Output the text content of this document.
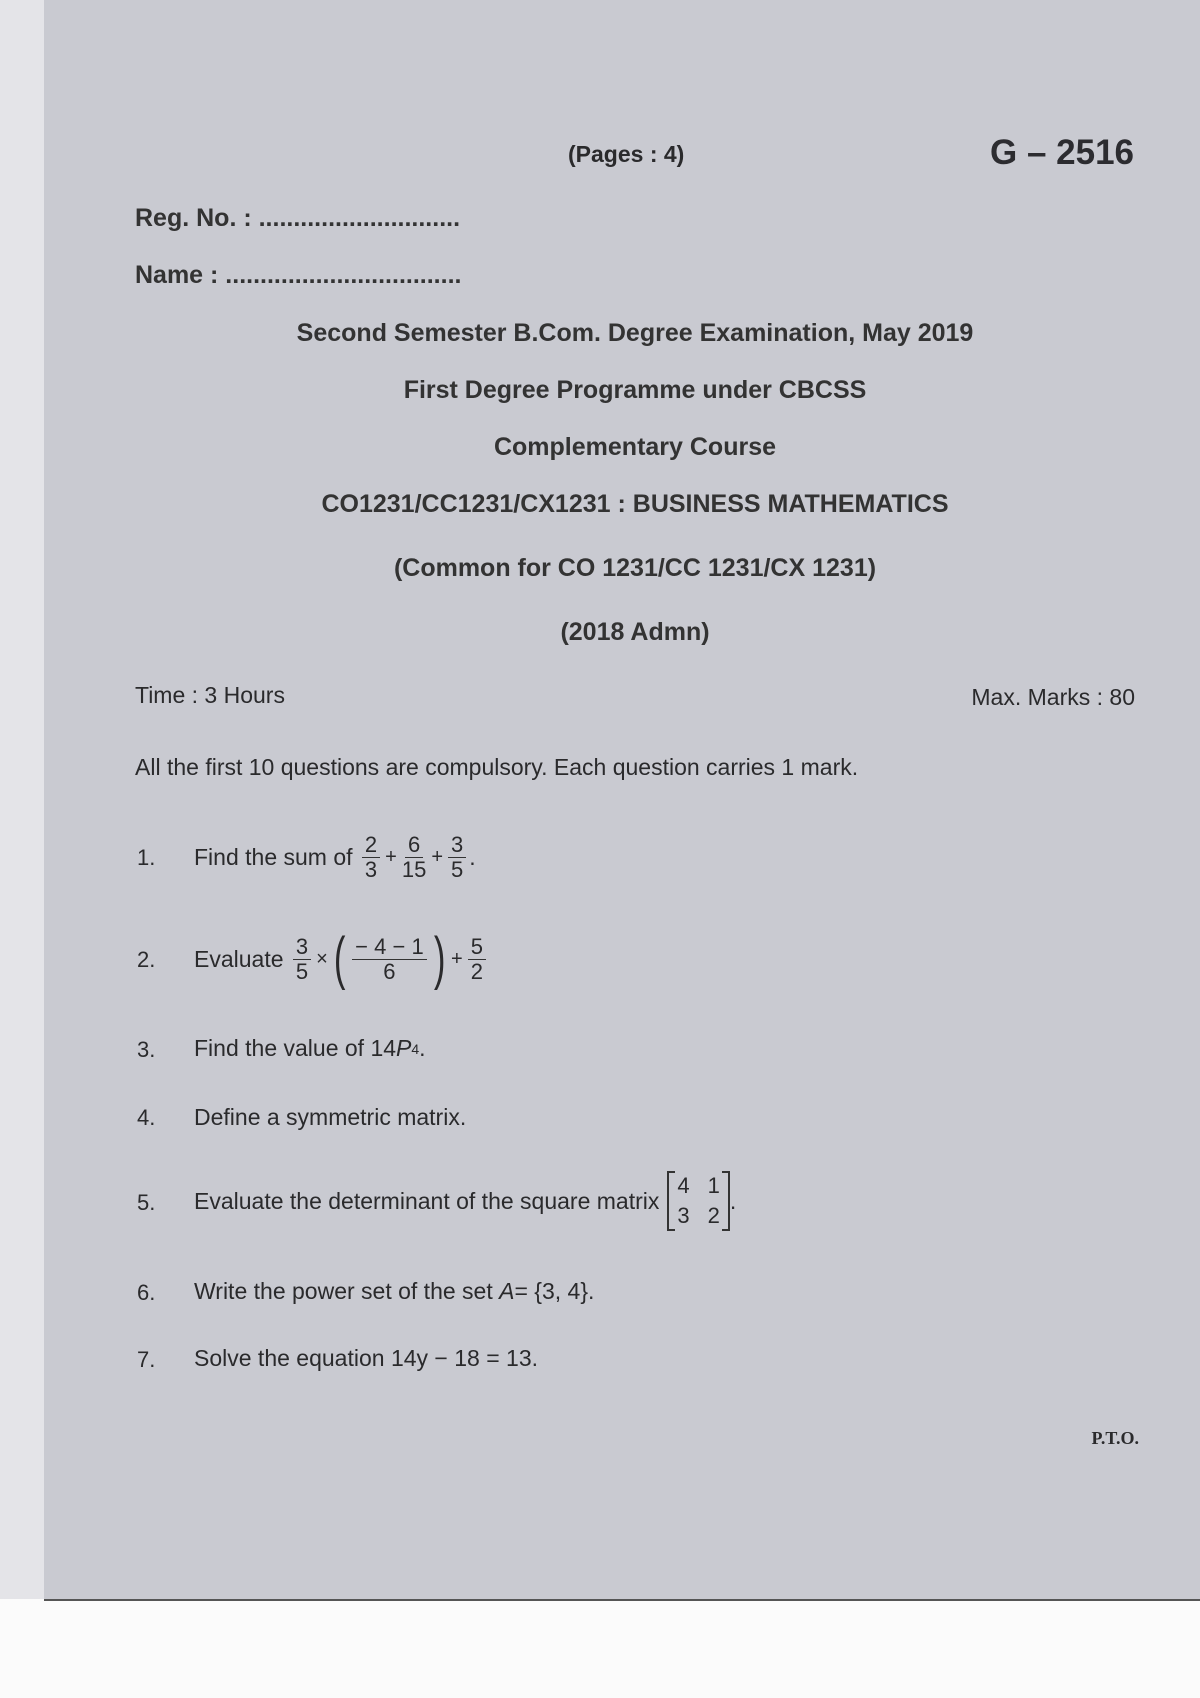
(Pages : 4)	G – 2516
Reg. No. : .............................
Name : ..................................
Second Semester B.Com. Degree Examination, May 2019
First Degree Programme under CBCSS
Complementary Course
CO1231/CC1231/CX1231 : BUSINESS MATHEMATICS
(Common for CO 1231/CC 1231/CX 1231)
(2018 Admn)
Time : 3 Hours	Max. Marks : 80
All the first 10 questions are compulsory. Each question carries 1 mark.
1. Find the sum of
2
$3 + \frac{6}{15} + \frac{3}{5}$ .
2. Evaluate
$\frac{3}{5}$ × ( − 4 − 1
6 ) + $\frac{5}{2}$
3. Find the value of 14 P 4 .
4. Define a symmetric matrix.
5. Evaluate the determinant of the square matrix
4 1
3 2
.
6. Write the power set of the set
A = {3, 4}.
7. Solve the equation
14y − 18 = 13.
P.T.O.
